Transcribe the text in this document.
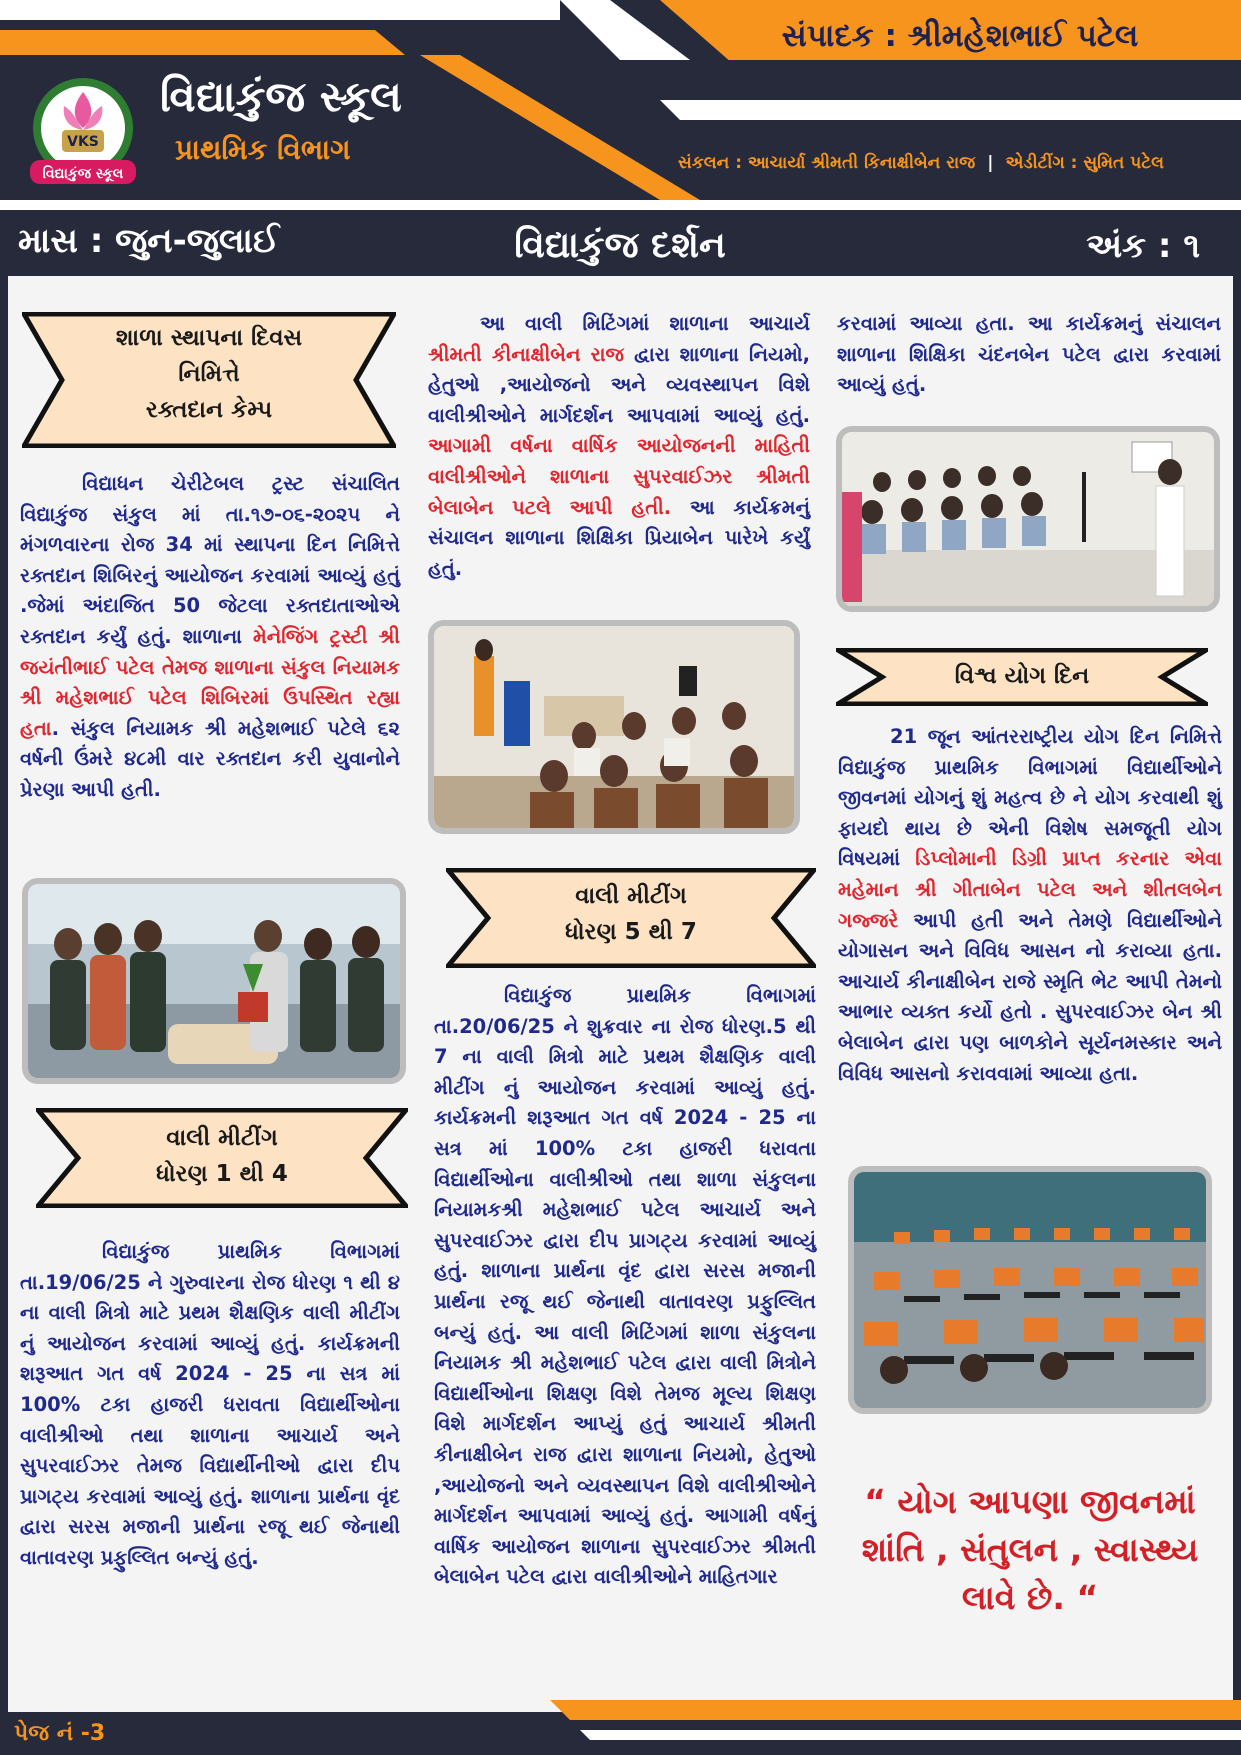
સંપાદક : શ્રીમહેશભાઈ પટેલ
VKS
વિદ્યાકુંજ સ્કૂલ
વિદ્યાકુંજ સ્કૂલ
પ્રાથમિક વિભાગ	સંકલન : આચાર્યા શ્રીમતી કિનાક્ષીબેન રાજ | એડીટીંગ : સુમિત પટેલ
માસ : જુન-જુલાઈ	વિદ્યાકુંજ દર્શન	અંક : ૧
શાળા સ્થાપના દિવસ
નિમિત્તે
રક્તદાન કેમ્પ

વિદ્યાધન ચેરીટેબલ ટ્રસ્ટ સંચાલિત વિદ્યાકુંજ સંકુલ માં તા.૧૭-૦૬-૨૦૨૫ ને મંગળવારના રોજ 34 માં સ્થાપના દિન નિમિત્તે રક્તદાન શિબિરનું આયોજન કરવામાં આવ્યું હતું .જેમાં અંદાજિત 50 જેટલા રક્તદાતાઓએ રક્તદાન કર્યું હતું. શાળાના મેનેજિંગ ટ્રસ્ટી શ્રી જયંતીભાઈ પટેલ તેમજ શાળાના સંકુલ નિયામક શ્રી મહેશભાઈ પટેલ શિબિરમાં ઉપસ્થિત રહ્યા હતા. સંકુલ નિયામક શ્રી મહેશભાઈ પટેલે ૬૨ વર્ષની ઉંમરે ૪૮મી વાર રક્તદાન કરી યુવાનોને પ્રેરણા આપી હતી.

વાલી મીટીંગ
ધોરણ 1 થી 4

વિદ્યાકુંજ પ્રાથમિક વિભાગમાં તા.19/06/25 ને ગુરુવારના રોજ ધોરણ ૧ થી ૪ ના વાલી મિત્રો માટે પ્રથમ શૈક્ષણિક વાલી મીટીંગ નું આયોજન કરવામાં આવ્યું હતું. કાર્યક્રમની શરૂઆત ગત વર્ષ 2024 - 25 ના સત્ર માં 100% ટકા હાજરી ધરાવતા વિદ્યાર્થીઓના વાલીશ્રીઓ તથા શાળાના આચાર્ય અને સુપરવાઈઝર તેમજ વિદ્યાર્થીનીઓ દ્વારા દીપ પ્રાગટ્ય કરવામાં આવ્યું હતું. શાળાના પ્રાર્થના વૃંદ દ્વારા સરસ મજાની પ્રાર્થના રજૂ થઈ જેનાથી વાતાવરણ પ્રફુલ્લિત બન્યું હતું.

આ વાલી મિટિંગમાં શાળાના આચાર્ય શ્રીમતી કીનાક્ષીબેન રાજ દ્વારા શાળાના નિયમો, હેતુઓ ,આયોજનો અને વ્યવસ્થાપન વિશે વાલીશ્રીઓને માર્ગદર્શન આપવામાં આવ્યું હતું. આગામી વર્ષના વાર્ષિક આયોજનની માહિતી વાલીશ્રીઓને શાળાના સુપરવાઈઝર શ્રીમતી બેલાબેન પટલે આપી હતી. આ કાર્યક્રમનું સંચાલન શાળાના શિક્ષિકા પ્રિયાબેન પારેખે કર્યું હતું.

વાલી મીટીંગ
ધોરણ 5 થી 7

વિદ્યાકુંજ પ્રાથમિક વિભાગમાં તા.20/06/25 ને શુક્રવાર ના રોજ ધોરણ.5 થી 7 ના વાલી મિત્રો માટે પ્રથમ શૈક્ષણિક વાલી મીટીંગ નું આયોજન કરવામાં આવ્યું હતું. કાર્યક્રમની શરૂઆત ગત વર્ષ 2024 - 25 ના સત્ર માં 100% ટકા હાજરી ધરાવતા વિદ્યાર્થીઓના વાલીશ્રીઓ તથા શાળા સંકુલના નિયામકશ્રી મહેશભાઈ પટેલ આચાર્ય અને સુપરવાઈઝર દ્વારા દીપ પ્રાગટ્ય કરવામાં આવ્યું હતું. શાળાના પ્રાર્થના વૃંદ દ્વારા સરસ મજાની પ્રાર્થના રજૂ થઈ જેનાથી વાતાવરણ પ્રફુલ્લિત બન્યું હતું. આ વાલી મિટિંગમાં શાળા સંકુલના નિયામક શ્રી મહેશભાઈ પટેલ દ્વારા વાલી મિત્રોને વિદ્યાર્થીઓના શિક્ષણ વિશે તેમજ મૂલ્ય શિક્ષણ વિશે માર્ગદર્શન આપ્યું હતું આચાર્ય શ્રીમતી કીનાક્ષીબેન રાજ દ્વારા શાળાના નિયમો, હેતુઓ ,આયોજનો અને વ્યવસ્થાપન વિશે વાલીશ્રીઓને માર્ગદર્શન આપવામાં આવ્યું હતું. આગામી વર્ષનું વાર્ષિક આયોજન શાળાના સુપરવાઈઝર શ્રીમતી બેલાબેન પટેલ દ્વારા વાલીશ્રીઓને માહિતગાર

કરવામાં આવ્યા હતા. આ કાર્યક્રમનું સંચાલન શાળાના શિક્ષિકા ચંદનબેન પટેલ દ્વારા કરવામાં આવ્યું હતું.

વિશ્વ યોગ દિન

21 જૂન આંતરરાષ્ટ્રીય યોગ દિન નિમિત્તે વિદ્યાકુંજ પ્રાથમિક વિભાગમાં વિદ્યાર્થીઓને જીવનમાં યોગનું શું મહત્વ છે ને યોગ કરવાથી શું ફાયદો થાય છે એની વિશેષ સમજૂતી યોગ વિષયમાં ડિપ્લોમાની ડિગ્રી પ્રાપ્ત કરનાર એવા મહેમાન શ્રી ગીતાબેન પટેલ અને શીતલબેન ગજ્જરે આપી હતી અને તેમણે વિદ્યાર્થીઓને યોગાસન અને વિવિધ આસન નો કરાવ્યા હતા. આચાર્ય કીનાક્ષીબેન રાજે સ્મૃતિ ભેટ આપી તેમનો આભાર વ્યક્ત કર્યો હતો . સુપરવાઈઝર બેન શ્રી બેલાબેન દ્વારા પણ બાળકોને સૂર્યનમસ્કાર અને વિવિધ આસનો કરાવવામાં આવ્યા હતા.

“ યોગ આપણા જીવનમાં શાંતિ , સંતુલન , સ્વાસ્થ્ય લાવે છે. “
પેજ નં -3
